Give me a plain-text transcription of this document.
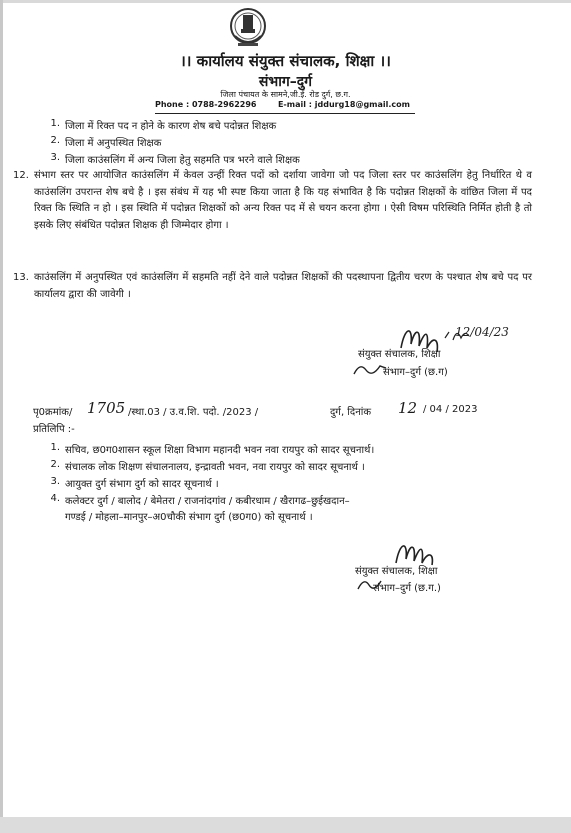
।। कार्यालय संयुक्त संचालक, शिक्षा ।।
संभाग–दुर्ग
जिला पंचायत के सामने,जी.ई. रोड दुर्ग, छ.ग.
Phone : 0788-2962296	E-mail : jddurg18@gmail.com
1. जिला में रिक्त पद न होने के कारण शेष बचे पदोन्नत शिक्षक
2. जिला में अनुपस्थित शिक्षक
3. जिला काउंसलिंग में अन्य जिला हेतु सहमति पत्र भरने वाले शिक्षक
12. संभाग स्तर पर आयोजित काउंसलिंग में केवल उन्हीं रिक्त पदों को दर्शाया जावेगा जो पद जिला स्तर पर काउंसलिंग हेतु निर्धारित थे व काउंसलिंग उपरान्त शेष बचे है । इस संबंध में यह भी स्पष्ट किया जाता है कि यह संभावित है कि पदोन्नत शिक्षकों के वांछित जिला में पद रिक्त कि स्थिति न हो । इस स्थिति में पदोन्नत शिक्षकों को अन्य रिक्त पद में से चयन करना होगा । ऐसी विषम परिस्थिति निर्मित होती है तो इसके लिए संबंधित पदोन्नत शिक्षक ही जिम्मेदार होगा ।
13. काउंसलिंग में अनुपस्थित एवं काउंसलिंग में सहमति नहीं देने वाले पदोन्नत शिक्षकों की पदस्थापना द्वितीय चरण के पश्चात शेष बचे पद पर कार्यालय द्वारा की जावेगी ।
12/04/23
संयुक्त संचालक, शिक्षा
संभाग–दुर्ग (छ.ग)
पृ0क्रमांक/ 1705 /स्था.03 / उ.व.शि. पदो. /2023 /	दुर्ग, दिनांक 12 / 04 / 2023
प्रतिलिपि :-
1. सचिव, छ0ग0शासन स्कूल शिक्षा विभाग महानदी भवन नवा रायपुर को सादर सूचनार्थ।
2. संचालक लोक शिक्षण संचालनालय, इन्द्रावती भवन, नवा रायपुर को सादर सूचनार्थ ।
3. आयुक्त दुर्ग संभाग दुर्ग को सादर सूचनार्थ ।
4. कलेक्टर दुर्ग / बालोद / बेमेतरा / राजनांदगांव / कबीरधाम / खैरागढ–छुईखदान–
गण्डई / मोहला–मानपुर–अ0चौकी संभाग दुर्ग (छ0ग0) को सूचनार्थ ।
संयुक्त संचालक, शिक्षा
संभाग–दुर्ग (छ.ग.)
